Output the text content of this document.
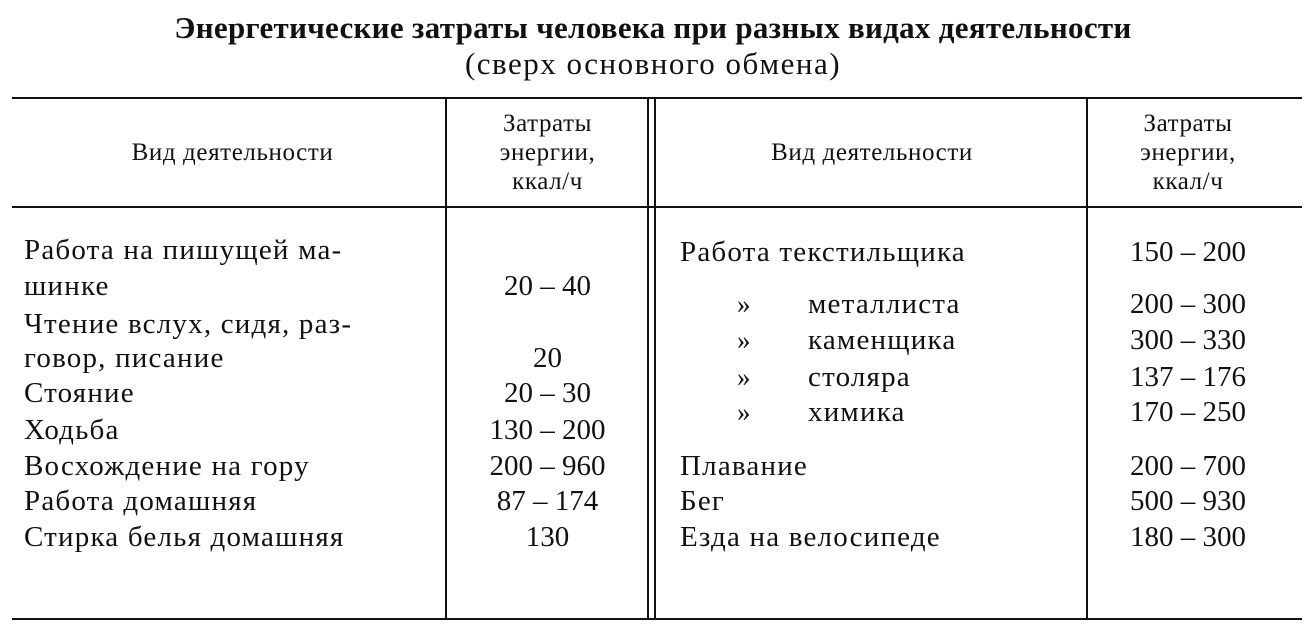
Энергетические затраты человека при разных видах деятельности
(сверх основного обмена)
Вид деятельности
Затраты
энергии,
ккал/ч
Вид деятельности
Затраты
энергии,
ккал/ч
Работа на пишущей ма-
шинке
Чтение вслух, сидя, раз-
говор, писание
Стояние
Ходьба
Восхождение на гору
Работа домашняя
Стирка белья домашняя
20 – 40
20
20 – 30
130 – 200
200 – 960
87 – 174
130
Работа текстильщика
» металлиста
» каменщика
» столяра
» химика
Плавание
Бег
Езда на велосипеде
150 – 200
200 – 300
300 – 330
137 – 176
170 – 250
200 – 700
500 – 930
180 – 300
